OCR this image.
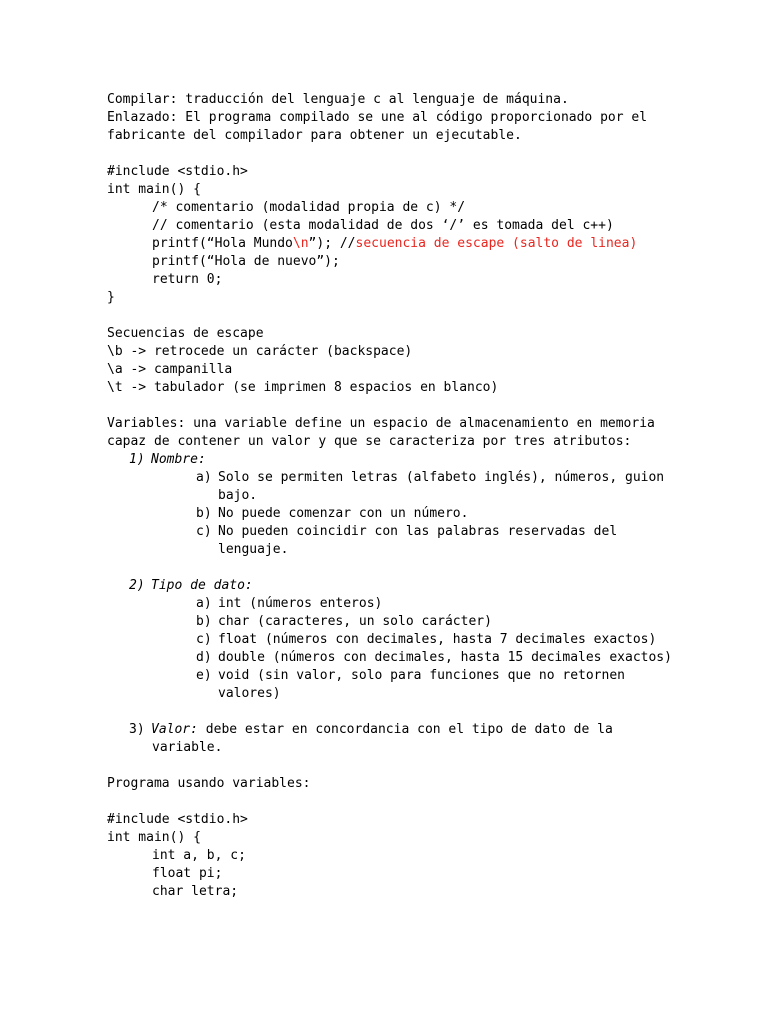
Compilar: traducción del lenguaje c al lenguaje de máquina.
Enlazado: El programa compilado se une al código proporcionado por el
fabricante del compilador para obtener un ejecutable.
#include <stdio.h>
int main() {
/* comentario (modalidad propia de c) */
// comentario (esta modalidad de dos ‘/’ es tomada del c++)
printf(“Hola Mundo\n”); //secuencia de escape (salto de linea)
printf(“Hola de nuevo”);
return 0;
}
Secuencias de escape
\b -> retrocede un carácter (backspace)
\a -> campanilla
\t -> tabulador (se imprimen 8 espacios en blanco)
Variables: una variable define un espacio de almacenamiento en memoria
capaz de contener un valor y que se caracteriza por tres atributos:
1) Nombre:
a) Solo se permiten letras (alfabeto inglés), números, guion
bajo.
b) No puede comenzar con un número.
c) No pueden coincidir con las palabras reservadas del
lenguaje.
2) Tipo de dato:
a) int (números enteros)
b) char (caracteres, un solo carácter)
c) float (números con decimales, hasta 7 decimales exactos)
d) double (números con decimales, hasta 15 decimales exactos)
e) void (sin valor, solo para funciones que no retornen
valores)
3) Valor: debe estar en concordancia con el tipo de dato de la
variable.
Programa usando variables:
#include <stdio.h>
int main() {
int a, b, c;
float pi;
char letra;
